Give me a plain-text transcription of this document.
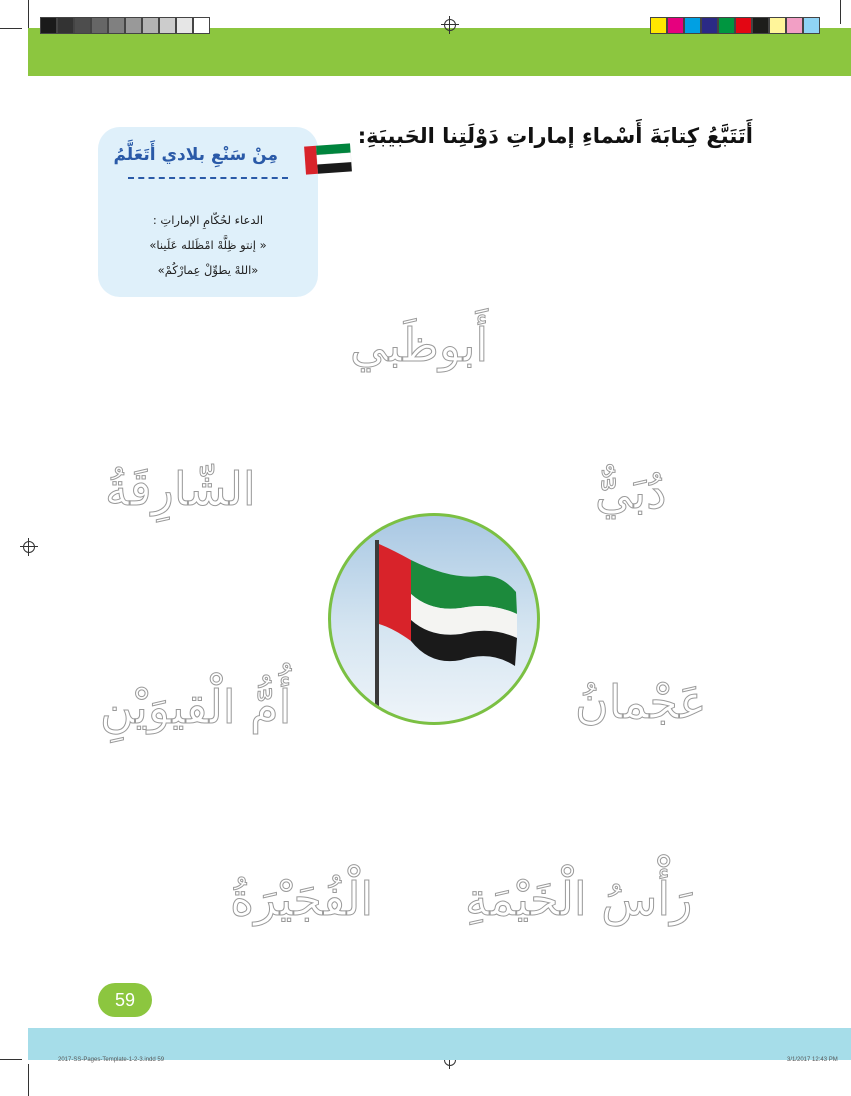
أَتَتَبَّعُ كِتابَةَ أَسْماءِ إماراتِ دَوْلَتِنا الحَبيبَةِ:
مِنْ سَنْعِ بلادي أَتَعَلَّمُ
الدعاء لحُكّامِ الإماراتِ :
« إنتو ظِلَّهْ امْظَلله عَلَينا»
«اللهْ يطوِّلْ عِمارْكُمْ»
أَبوظَبي
دُبَيٌّ
الشّارِقَةُ
عَجْمانُ
أُمُّ الْقيوَيْنِ
رَأْسُ الْخَيْمَةِ
الْفُجَيْرَةُ
59
2017-SS-Pages-Template-1-2-3.indd 59	3/1/2017 12:43 PM
